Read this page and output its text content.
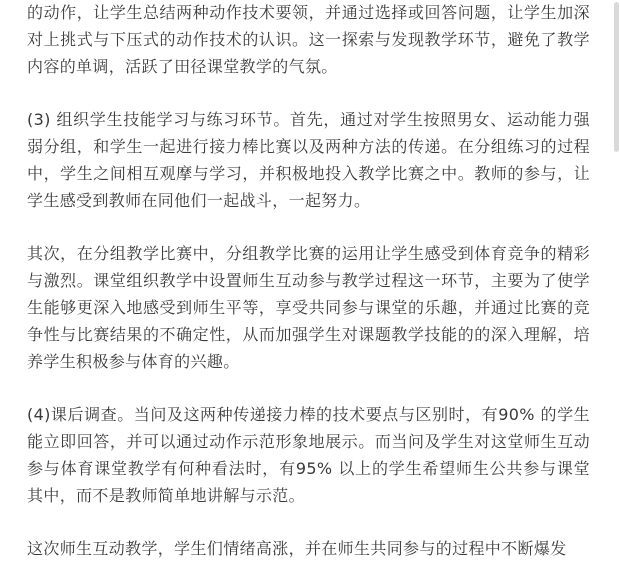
的动作，让学生总结两种动作技术要领，并通过选择或回答问题，让学生加深对上挑式与下压式的动作技术的认识。这一探索与发现教学环节，避免了教学内容的单调，活跃了田径课堂教学的气氛。

(3) 组织学生技能学习与练习环节。首先，通过对学生按照男女、运动能力强弱分组，和学生一起进行接力棒比赛以及两种方法的传递。在分组练习的过程中，学生之间相互观摩与学习，并积极地投入教学比赛之中。教师的参与，让学生感受到教师在同他们一起战斗，一起努力。

其次，在分组教学比赛中，分组教学比赛的运用让学生感受到体育竞争的精彩与激烈。课堂组织教学中设置师生互动参与教学过程这一环节，主要为了使学生能够更深入地感受到师生平等，享受共同参与课堂的乐趣，并通过比赛的竞争性与比赛结果的不确定性，从而加强学生对课题教学技能的的深入理解，培养学生积极参与体育的兴趣。

(4)课后调查。当问及这两种传递接力棒的技术要点与区别时，有90% 的学生能立即回答，并可以通过动作示范形象地展示。而当问及学生对这堂师生互动参与体育课堂教学有何种看法时，有95% 以上的学生希望师生公共参与课堂其中，而不是教师简单地讲解与示范。

这次师生互动教学，学生们情绪高涨，并在师生共同参与的过程中不断爆发
